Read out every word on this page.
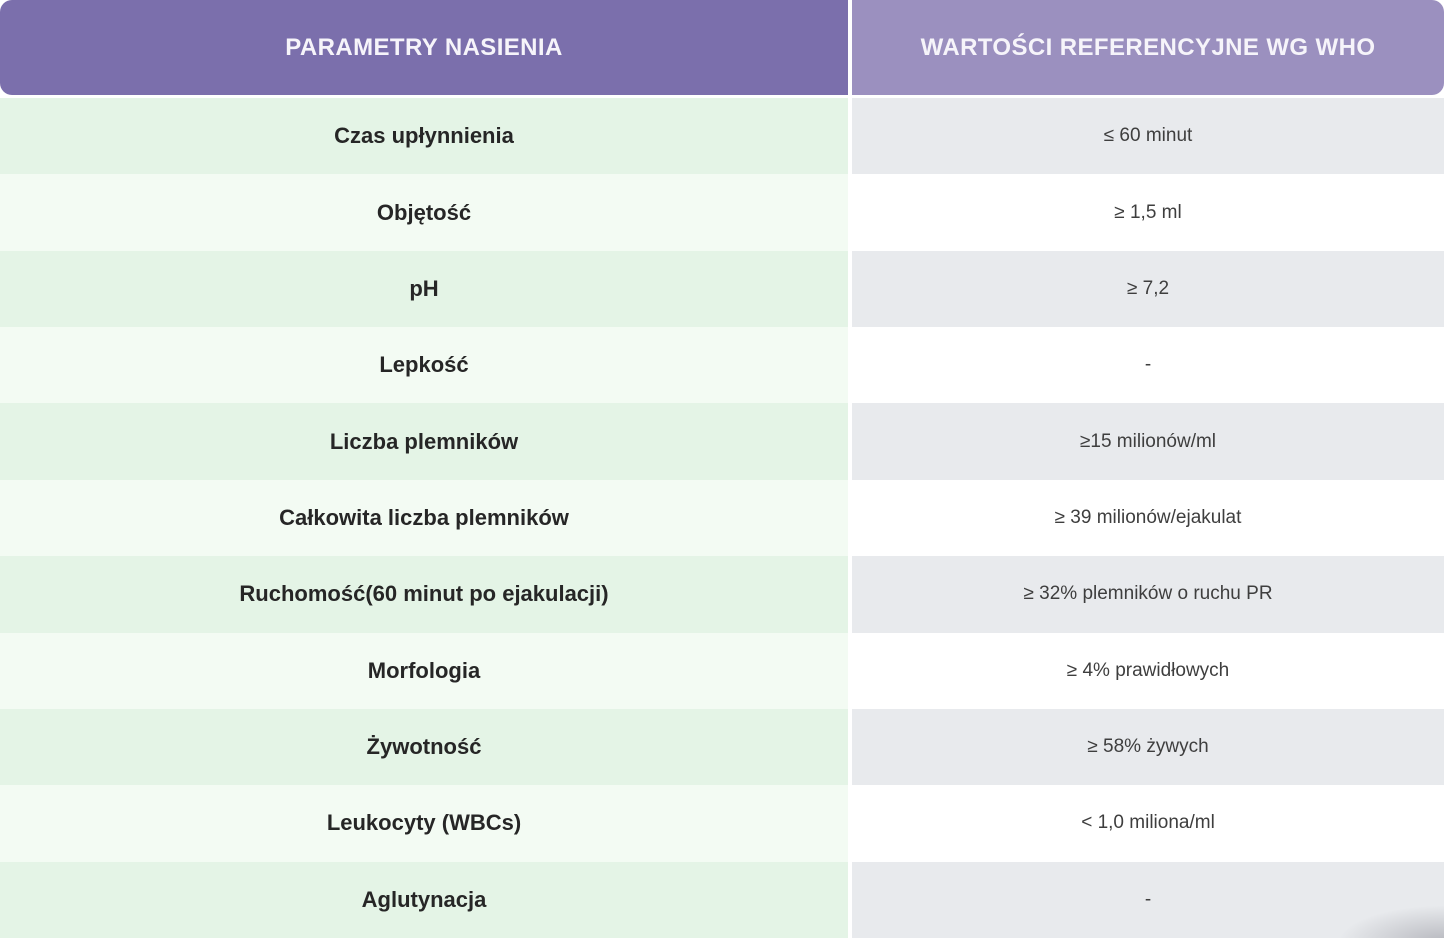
PARAMETRY NASIENIA
Czas upłynnienia
Objętość
pH
Lepkość
Liczba plemników
Całkowita liczba plemników
Ruchomość(60 minut po ejakulacji)
Morfologia
Żywotność
Leukocyty (WBCs)
Aglutynacja
WARTOŚCI REFERENCYJNE WG WHO
≤ 60 minut
≥ 1,5 ml
≥ 7,2
-
≥15 milionów/ml
≥ 39 milionów/ejakulat
≥ 32% plemników o ruchu PR
≥ 4% prawidłowych
≥ 58% żywych
< 1,0 miliona/ml
-
